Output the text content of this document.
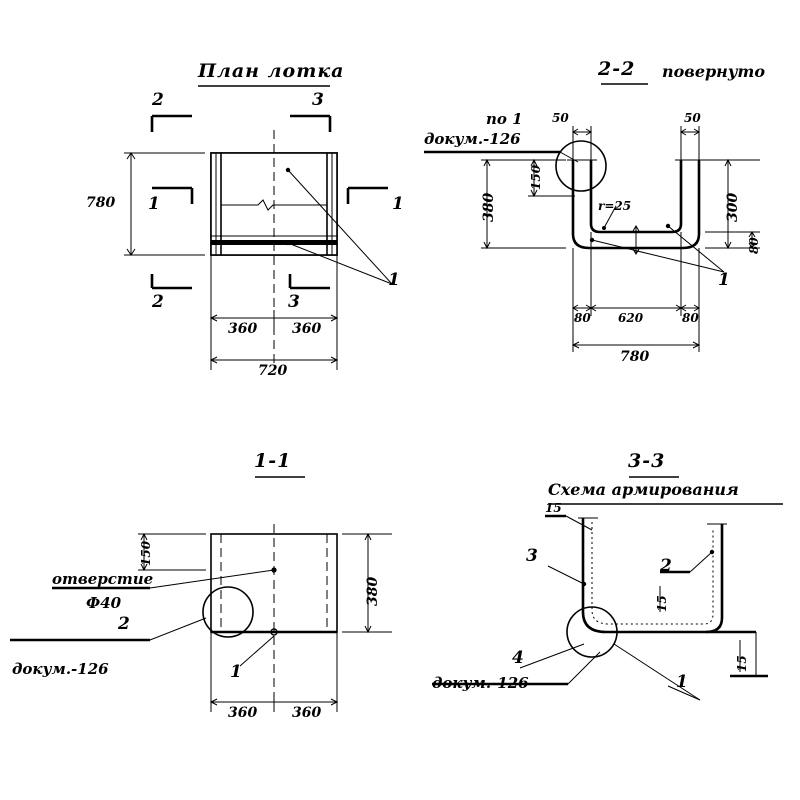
План лотка
2	3
1	1
2	3
1
780
360 360
720
2-2 повернуто
по 1
докум.-126
1
50	50
150
380	300
80
80 620	80
780
r=25
1-1
отверстие
Ф40
докум.-126
2
1
150
380
360 360
3-3
Схема армирования
докум.-126
3	2
4
1
15
15
15
